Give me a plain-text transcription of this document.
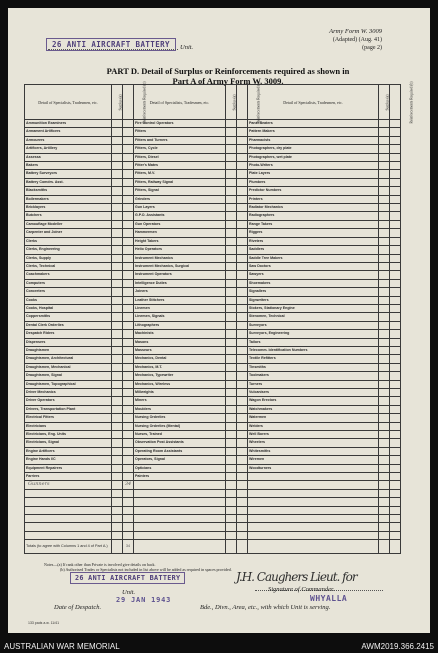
26 ANTI AIRCRAFT BATTERY	Unit.
Army Form W. 3009
(Adapted) (Aug. 41)
(page 2)
PART D. Detail of Surplus or Reinforcements required as shown in
Part A of Army Form W. 3009.
Detail of Specialists, Tradesmen, etc.	Surplus (a)	Reinforcements Required (b)	Detail of Specialists, Tradesmen, etc.	Surplus (a)	Reinforcements Required (b)	Detail of Specialists, Tradesmen, etc.	Surplus (a)	Reinforcements Required (b)
Ammunition Examiners			Fire Control Operators			Panel Beaters		
Armament Artificers			Fitters			Pattern Makers		
Armourers			Fitters and Turners			Pharmacists		
Artificers, Artillery			Fitters, Cycle			Photographers, dry plate		
Assessa			Fitters, Diesel			Photographers, wet plate		
Bakers			Fitter's Mates			Photo-Writers		
Battery Surveyors			Fitters, M.V.			Plate Layers		
Battery Comdrs. Asst.			Fitters, Railway Signal			Plumbers		
Blacksmiths			Fitters, Signal			Predictor Numbers		
Boilermakers			Grinders			Printers		
Bricklayers			Gun Layers			Radiator Mechanics		
Butchers			G.P.O. Assistants			Radiographers		
Camouflage Modeller			Gun Operators			Range Takers		
Carpenter and Joiner			Hammermen			Riggers		
Clerks			Height Takers			Riveters		
Clerks, Engineering			Helio Operators			Saddlers		
Clerks, Supply			Instrument Mechanics			Saddle Tree Makers		
Clerks, Technical			Instrument Mechanics, Surgical			Saw Doctors		
Coachmakers			Instrument Operators			Sawyers		
Computers			Intelligence Duties			Shoemakers		
Concreters			Joiners			Signallers		
Cooks			Leather Stitchers			Signwriters		
Cooks, Hospital			Linemen			Stokers, Stationary Engine		
Coppersmiths			Linemen, Signals			Stenomen, Technical		
Dental Clerk Orderlies			Lithographers			Surveyors		
Despatch Riders			Machinists			Surveyors, Engineering		
Dispensers			Masons			Tailors		
Draughtsmen			Masseurs			Telecomm. Identification Numbers		
Draughtsmen, Architectural			Mechanics, Dental			Textile Refitters		
Draughtsmen, Mechanical			Mechanics, M.T.			Tinsmiths		
Draughtsmen, Signal			Mechanics, Typewriter			Toolmakers		
Draughtsmen, Topographical			Mechanics, Wireless			Turners		
Driver Mechanics			Millwrights			Vulcanisers		
Driver Operators			Miners			Wagon Erectors		
Drivers, Transportation Plant			Moulders			Watchmakers		
Electrical Fitters			Nursing Orderlies			Watermen		
Electricians			Nursing Orderlies (Mental)			Welders		
Electricians, Eng. Units			Nurses, Trained			Well Borers		
Electricians, Signal			Observation Post Assistants			Wheelers		
Engine Artificers			Operating Room Assistants			Whitesmiths		
Engine Hands I/C			Operators, Signal			Wiremen		
Equipment Repairers			Opticians			Woodturners		
Farriers			Painters					
Gunners		34						

Totals (to agree with Columns 1 and 4 of Part A.)		34						
Notes—(a) If rank other than Private is involved give details on back.
(b) Authorised Trades or Specialists not included in list above will be added as required in spaces provided.
26 ANTI AIRCRAFT BATTERY	J.H. Caughers Lieut. for
Signature of Commander.
WHYALLA
Unit.
29 JAN 1943
Date of Despatch.	Bde., Divn., Area, etc., with which Unit is serving.
133 pads a.w. 11/41
AUSTRALIAN WAR MEMORIAL	AWM2019.366.2415
